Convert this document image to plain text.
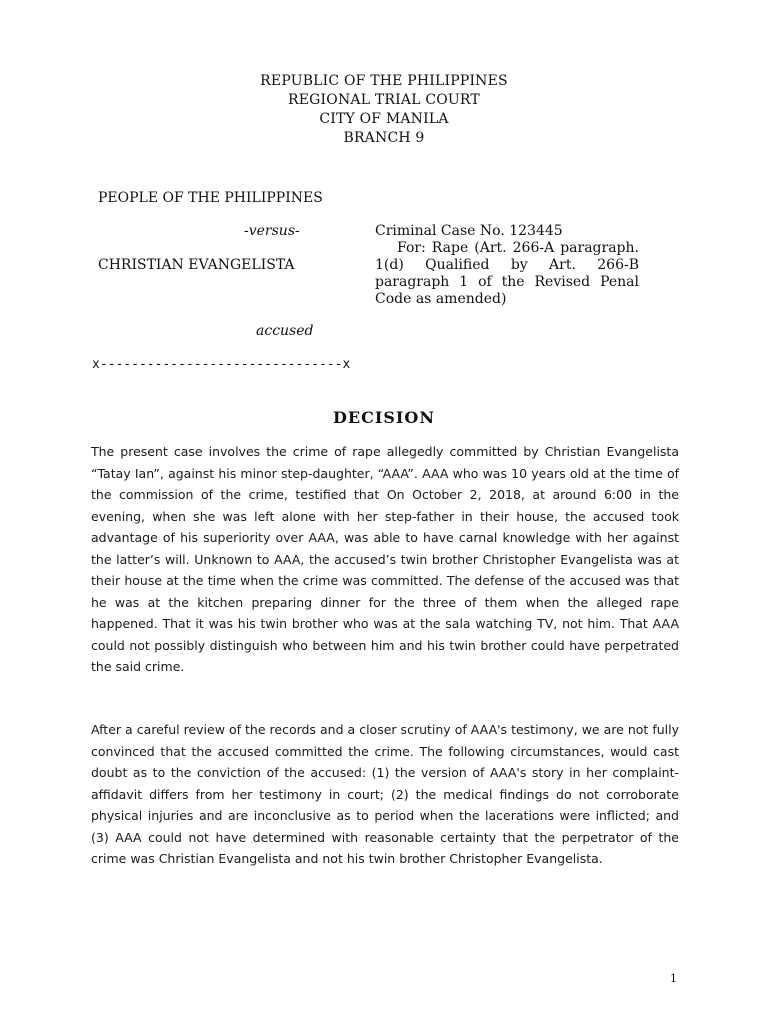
REPUBLIC OF THE PHILIPPINES
REGIONAL TRIAL COURT
CITY OF MANILA
BRANCH 9
PEOPLE OF THE PHILIPPINES
-versus-
CHRISTIAN EVANGELISTA
accused
Criminal Case No. 123445
For: Rape (Art. 266-A paragraph. 1(d) Qualified by Art. 266-B paragraph 1 of the Revised Penal Code as amended)
x-------------------------------x
DECISION

The present case involves the crime of rape allegedly committed by Christian Evangelista “Tatay Ian”, against his minor step-daughter, “AAA”. AAA who was 10 years old at the time of the commission of the crime, testified that On October 2, 2018, at around 6:00 in the evening, when she was left alone with her step-father in their house, the accused took advantage of his superiority over AAA, was able to have carnal knowledge with her against the latter’s will. Unknown to AAA, the accused’s twin brother Christopher Evangelista was at their house at the time when the crime was committed. The defense of the accused was that he was at the kitchen preparing dinner for the three of them when the alleged rape happened. That it was his twin brother who was at the sala watching TV, not him. That AAA could not possibly distinguish who between him and his twin brother could have perpetrated the said crime.

After a careful review of the records and a closer scrutiny of AAA's testimony, we are not fully convinced that the accused committed the crime. The following circumstances, would cast doubt as to the conviction of the accused: (1) the version of AAA's story in her complaint-affidavit differs from her testimony in court; (2) the medical findings do not corroborate physical injuries and are inconclusive as to period when the lacerations were inflicted; and (3) AAA could not have determined with reasonable certainty that the perpetrator of the crime was Christian Evangelista and not his twin brother Christopher Evangelista.

1
